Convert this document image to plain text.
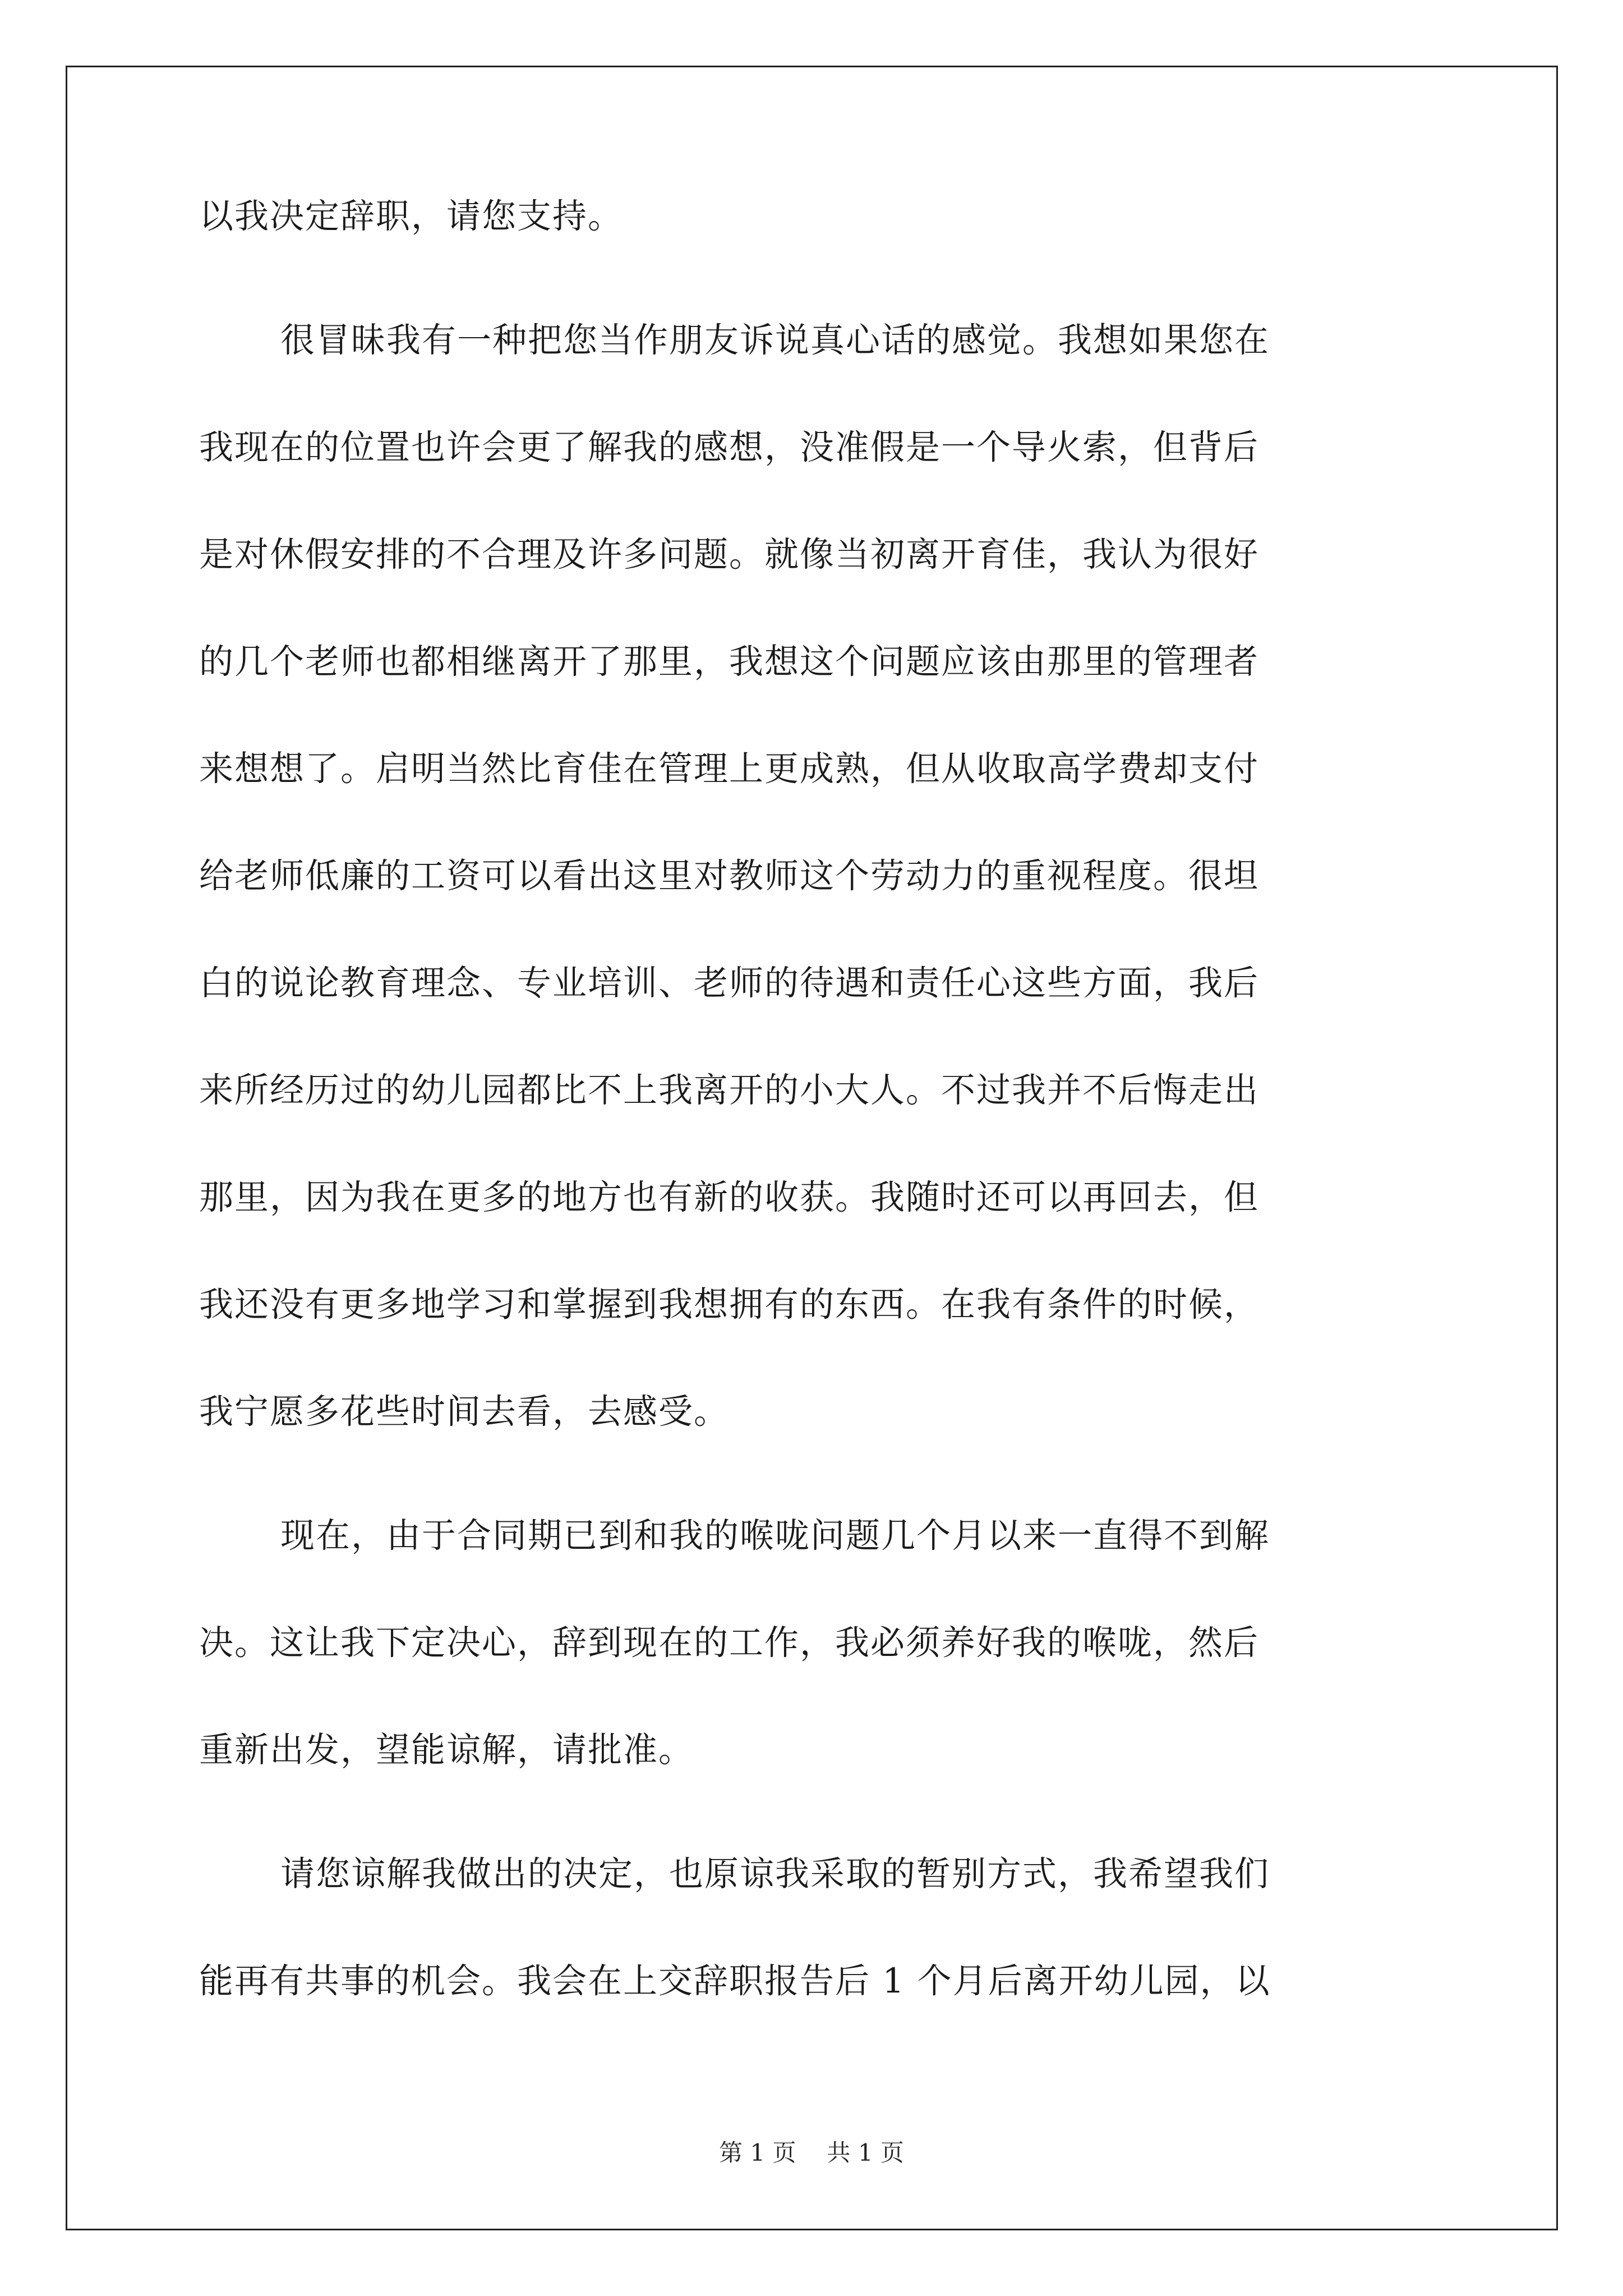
以我决定辞职，请您支持。
很冒昧我有一种把您当作朋友诉说真心话的感觉。我想如果您在
我现在的位置也许会更了解我的感想，没准假是一个导火索，但背后
是对休假安排的不合理及许多问题。就像当初离开育佳，我认为很好
的几个老师也都相继离开了那里，我想这个问题应该由那里的管理者
来想想了。启明当然比育佳在管理上更成熟，但从收取高学费却支付
给老师低廉的工资可以看出这里对教师这个劳动力的重视程度。很坦
白的说论教育理念、专业培训、老师的待遇和责任心这些方面，我后
来所经历过的幼儿园都比不上我离开的小大人。不过我并不后悔走出
那里，因为我在更多的地方也有新的收获。我随时还可以再回去，但
我还没有更多地学习和掌握到我想拥有的东西。在我有条件的时候，
我宁愿多花些时间去看，去感受。
现在，由于合同期已到和我的喉咙问题几个月以来一直得不到解
决。这让我下定决心，辞到现在的工作，我必须养好我的喉咙，然后
重新出发，望能谅解，请批准。
请您谅解我做出的决定，也原谅我采取的暂别方式，我希望我们
能再有共事的机会。我会在上交辞职报告后 1 个月后离开幼儿园，以
第 1 页 共 1 页
